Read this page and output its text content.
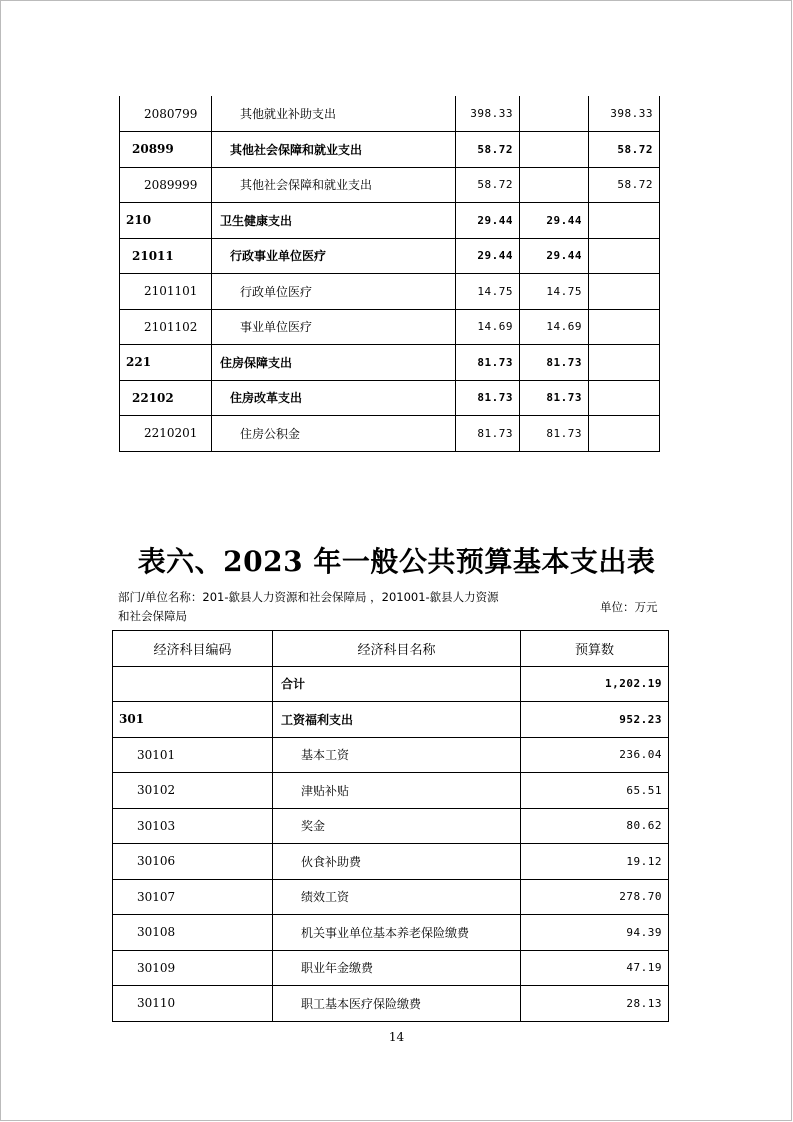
2080799	其他就业补助支出	398.33		398.33
20899	其他社会保障和就业支出	58.72		58.72
2089999	其他社会保障和就业支出	58.72		58.72
210	卫生健康支出	29.44	29.44	
21011	行政事业单位医疗	29.44	29.44	
2101101	行政单位医疗	14.75	14.75	
2101102	事业单位医疗	14.69	14.69	
221	住房保障支出	81.73	81.73	
22102	住房改革支出	81.73	81.73	
2210201	住房公积金	81.73	81.73	
表六、2023 年一般公共预算基本支出表
部门/单位名称：201-歙县人力资源和社会保障局 ，201001-歙县人力资源
和社会保障局
单位：万元
经济科目编码	经济科目名称	预算数
	合计	1,202.19
301	工资福利支出	952.23
30101	基本工资	236.04
30102	津贴补贴	65.51
30103	奖金	80.62
30106	伙食补助费	19.12
30107	绩效工资	278.70
30108	机关事业单位基本养老保险缴费	94.39
30109	职业年金缴费	47.19
30110	职工基本医疗保险缴费	28.13
14
